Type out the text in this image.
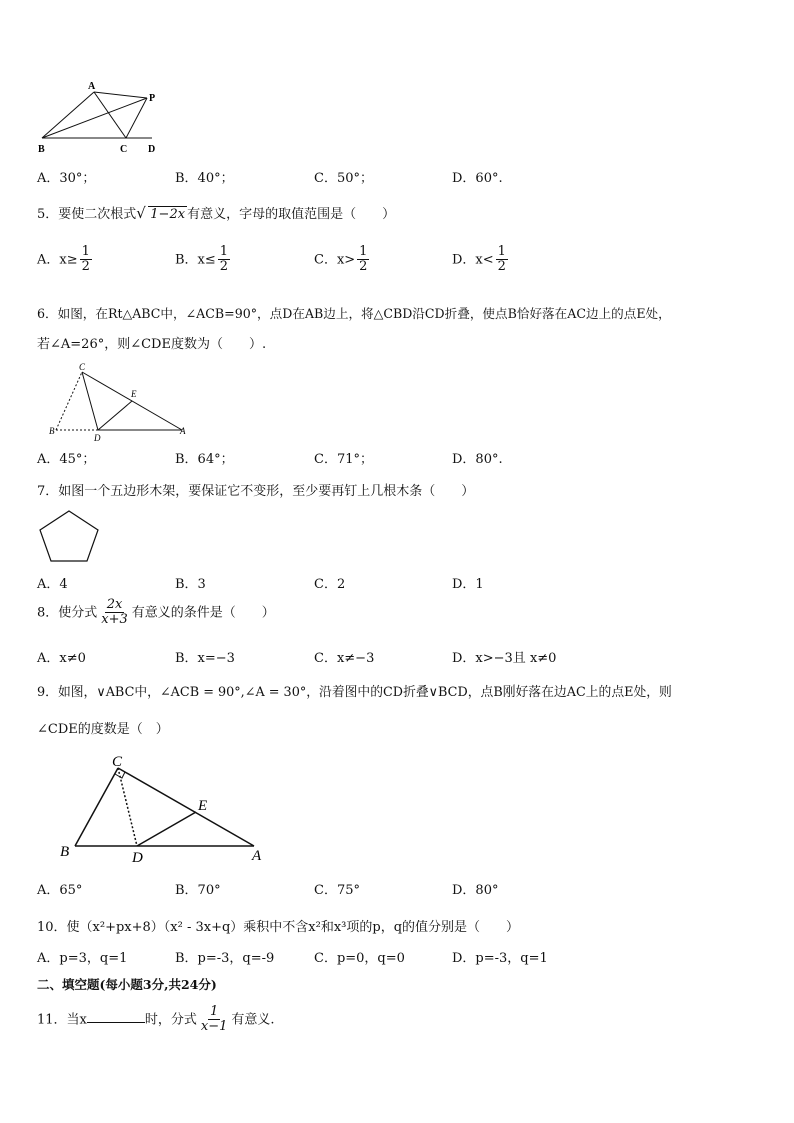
A
P
B	C D
A．30°；	B．40°；	C．50°；	D．60°.
5．要使二次根式√ 1−2x 有意义，字母的取值范围是（　　）
A．$x\ge \frac{1}{2}$	B．$x\le \frac{1}{2}$	C．$x> \frac{1}{2}$	D．$x< \frac{1}{2}$
6．如图，在Rt△ABC中，∠ACB=90°，点D在AB边上，将△CBD沿CD折叠，使点B恰好落在AC边上的点E处，
若∠A=26°，则∠CDE度数为（　　）.
C
E
B
D
A
A．45°；	B．64°；	C．71°；	D．80°.
7．如图一个五边形木架，要保证它不变形，至少要再钉上几根木条（　　）
A．4	B．3	C．2	D．1
8．使分式 $\frac{2x}{x+3}$ 有意义的条件是（　　）
A．x≠0	B．x=−3	C．x≠−3	D．x>−3且 x≠0
9．如图，∨ABC中，∠ACB = 90°,∠A = 30°，沿着图中的CD折叠∨BCD，点B刚好落在边AC上的点E处，则
∠CDE的度数是（　）
C
E
B	D	A
A．65°	B．70°	C．75°	D．80°
10．使（x²+px+8）（x² - 3x+q）乘积中不含x²和x³项的p，q的值分别是（　　）
A．p=3，q=1	B．p=-3，q=-9	C．p=0，q=0	D．p=-3，q=1
二、填空题(每小题3分,共24分)
11．当x	时，分式 $\frac{1}{x-1}$ 有意义.
